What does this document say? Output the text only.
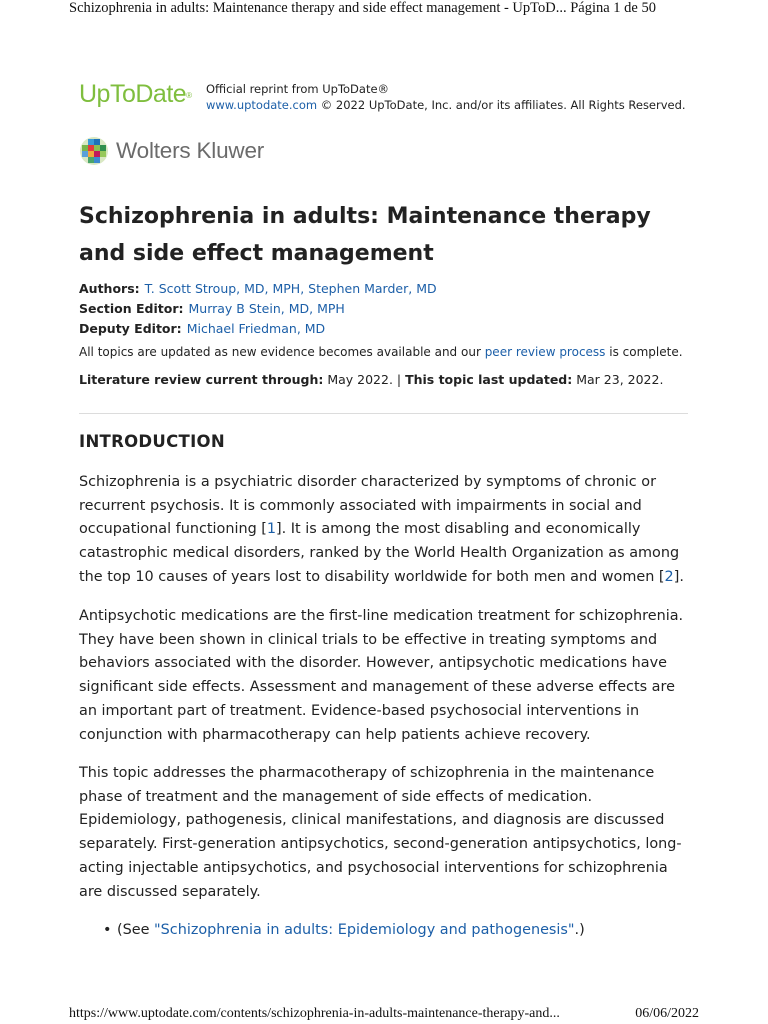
Schizophrenia in adults: Maintenance therapy and side effect management - UpToD... Página 1 de 50
UpToDate®	Official reprint from UpToDate®
www.uptodate.com © 2022 UpToDate, Inc. and/or its affiliates. All Rights Reserved.
Wolters Kluwer
Schizophrenia in adults: Maintenance therapy and side effect management
Authors: T. Scott Stroup, MD, MPH, Stephen Marder, MD
Section Editor: Murray B Stein, MD, MPH
Deputy Editor: Michael Friedman, MD
All topics are updated as new evidence becomes available and our peer review process is complete.
Literature review current through: May 2022. | This topic last updated: Mar 23, 2022.
INTRODUCTION

Schizophrenia is a psychiatric disorder characterized by symptoms of chronic or recurrent psychosis. It is commonly associated with impairments in social and occupational functioning [1]. It is among the most disabling and economically catastrophic medical disorders, ranked by the World Health Organization as among the top 10 causes of years lost to disability worldwide for both men and women [2].

Antipsychotic medications are the first-line medication treatment for schizophrenia. They have been shown in clinical trials to be effective in treating symptoms and behaviors associated with the disorder. However, antipsychotic medications have significant side effects. Assessment and management of these adverse effects are an important part of treatment. Evidence-based psychosocial interventions in conjunction with pharmacotherapy can help patients achieve recovery.

This topic addresses the pharmacotherapy of schizophrenia in the maintenance phase of treatment and the management of side effects of medication. Epidemiology, pathogenesis, clinical manifestations, and diagnosis are discussed separately. First-generation antipsychotics, second-generation antipsychotics, long-acting injectable antipsychotics, and psychosocial interventions for schizophrenia are discussed separately.

• (See "Schizophrenia in adults: Epidemiology and pathogenesis".)
https://www.uptodate.com/contents/schizophrenia-in-adults-maintenance-therapy-and...	06/06/2022
